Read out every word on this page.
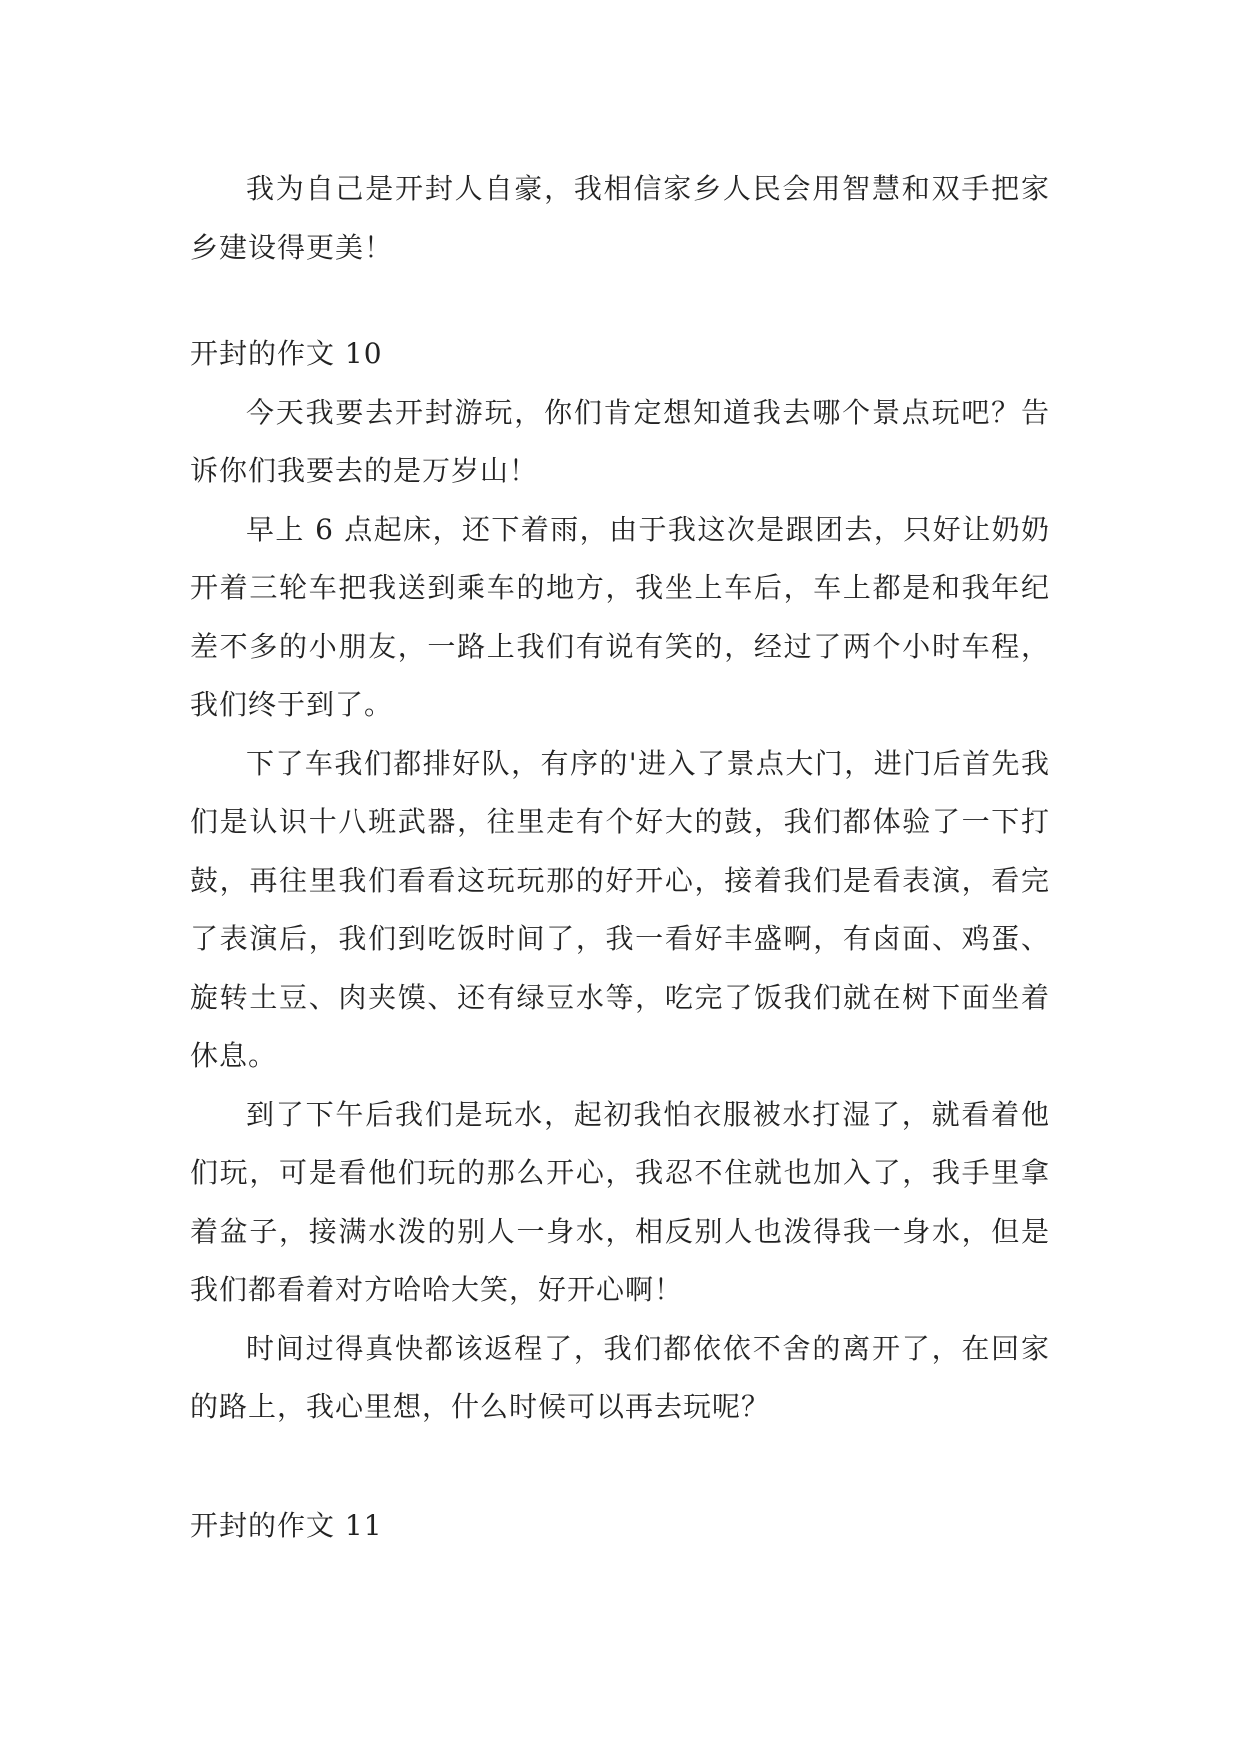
我为自己是开封人自豪，我相信家乡人民会用智慧和双手把家乡建设得更美！

开封的作文 10

今天我要去开封游玩，你们肯定想知道我去哪个景点玩吧？告诉你们我要去的是万岁山！

早上 6 点起床，还下着雨，由于我这次是跟团去，只好让奶奶开着三轮车把我送到乘车的地方，我坐上车后，车上都是和我年纪差不多的小朋友，一路上我们有说有笑的，经过了两个小时车程，我们终于到了。

下了车我们都排好队，有序的'进入了景点大门，进门后首先我们是认识十八班武器，往里走有个好大的鼓，我们都体验了一下打鼓，再往里我们看看这玩玩那的好开心，接着我们是看表演，看完了表演后，我们到吃饭时间了，我一看好丰盛啊，有卤面、鸡蛋、旋转土豆、肉夹馍、还有绿豆水等，吃完了饭我们就在树下面坐着休息。

到了下午后我们是玩水，起初我怕衣服被水打湿了，就看着他们玩，可是看他们玩的那么开心，我忍不住就也加入了，我手里拿着盆子，接满水泼的别人一身水，相反别人也泼得我一身水，但是我们都看着对方哈哈大笑，好开心啊！

时间过得真快都该返程了，我们都依依不舍的离开了，在回家的路上，我心里想，什么时候可以再去玩呢？

开封的作文 11
